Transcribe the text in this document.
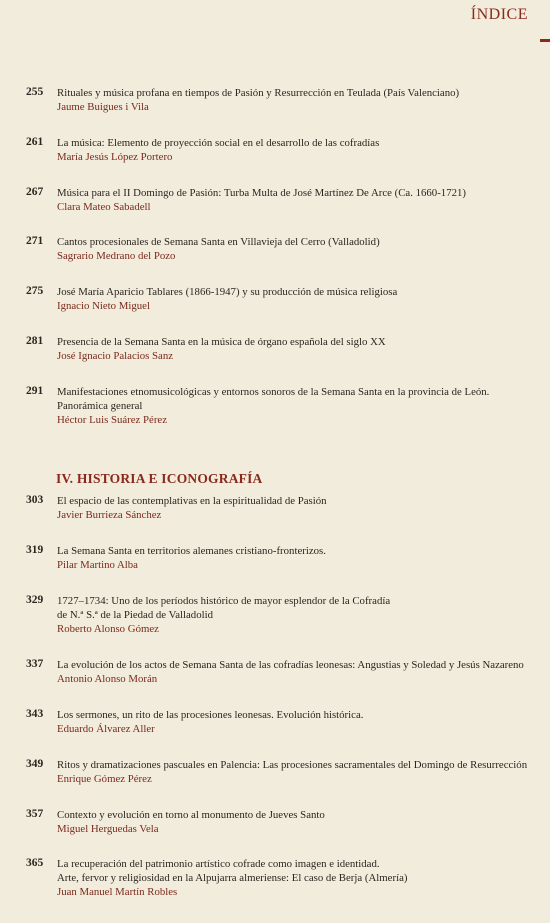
ÍNDICE
IV. HISTORIA E ICONOGRAFÍA
255	Rituales y música profana en tiempos de Pasión y Resurrección en Teulada (País Valenciano)
Jaume Buigues i Vila
261	La música: Elemento de proyección social en el desarrollo de las cofradías
María Jesús López Portero
267	Música para el II Domingo de Pasión: Turba Multa de José Martínez De Arce (Ca. 1660-1721)
Clara Mateo Sabadell
271	Cantos procesionales de Semana Santa en Villavieja del Cerro (Valladolid)
Sagrario Medrano del Pozo
275	José María Aparicio Tablares (1866-1947) y su producción de música religiosa
Ignacio Nieto Miguel
281	Presencia de la Semana Santa en la música de órgano española del siglo XX
José Ignacio Palacios Sanz
291	Manifestaciones etnomusicológicas y entornos sonoros de la Semana Santa en la provincia de León.
Panorámica general
Héctor Luis Suárez Pérez
303	El espacio de las contemplativas en la espiritualidad de Pasión
Javier Burrieza Sánchez
319	La Semana Santa en territorios alemanes cristiano-fronterizos.
Pilar Martino Alba
329	1727–1734: Uno de los períodos histórico de mayor esplendor de la Cofradía
de N.ª S.ª de la Piedad de Valladolid
Roberto Alonso Gómez
337	La evolución de los actos de Semana Santa de las cofradías leonesas: Angustias y Soledad y Jesús Nazareno
Antonio Alonso Morán
343	Los sermones, un rito de las procesiones leonesas. Evolución histórica.
Eduardo Álvarez Aller
349	Ritos y dramatizaciones pascuales en Palencia: Las procesiones sacramentales del Domingo de Resurrección
Enrique Gómez Pérez
357	Contexto y evolución en torno al monumento de Jueves Santo
Miguel Herguedas Vela
365	La recuperación del patrimonio artístico cofrade como imagen e identidad.
Arte, fervor y religiosidad en la Alpujarra almeriense: El caso de Berja (Almería)
Juan Manuel Martín Robles
